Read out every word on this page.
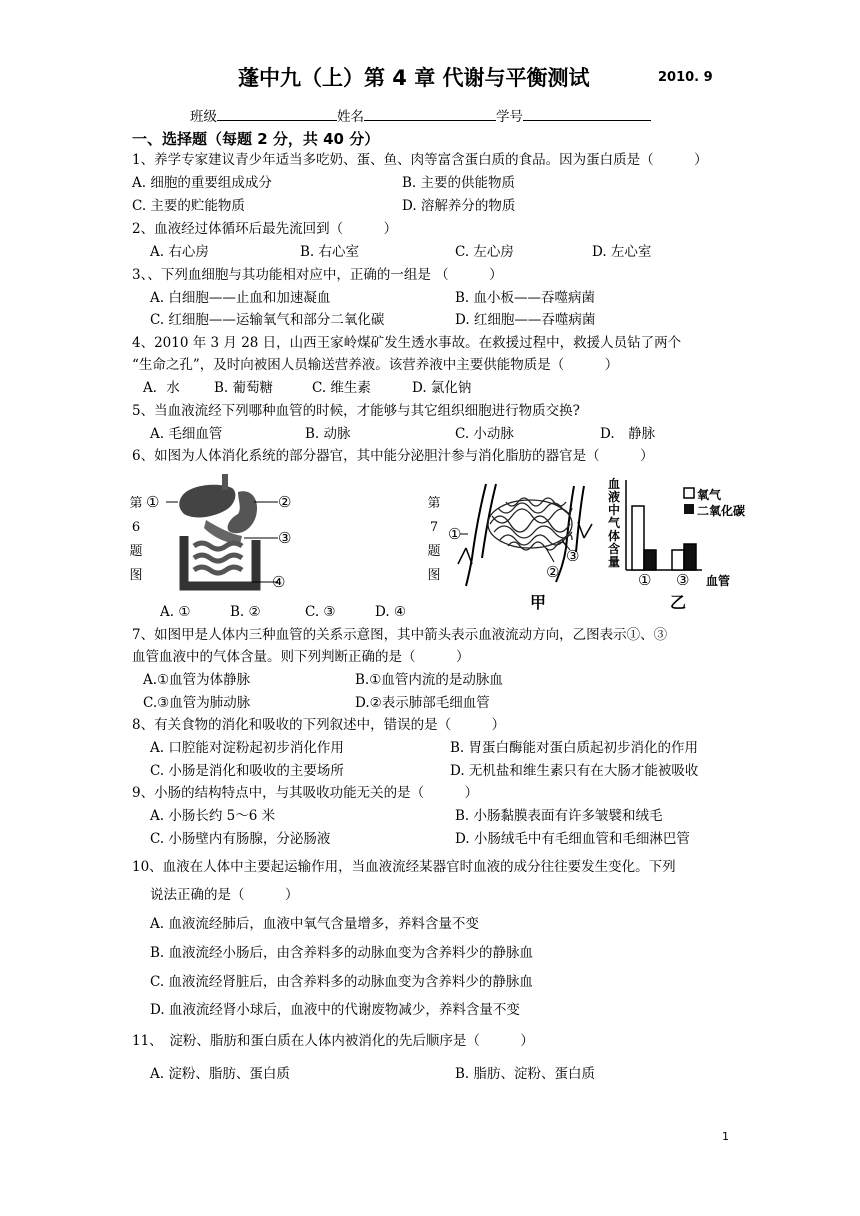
蓬中九（上）第 4 章 代谢与平衡测试	2010. 9
班级	姓名	学号
一、选择题（每题 2 分，共 40 分）
1、养学专家建议青少年适当多吃奶、蛋、鱼、肉等富含蛋白质的食品。因为蛋白质是（　　　）
A. 细胞的重要组成成分	B. 主要的供能物质
C. 主要的贮能物质	D. 溶解养分的物质
2、血液经过体循环后最先流回到（　　　）
A. 右心房	B. 右心室	C. 左心房	D. 左心室
3、、下列血细胞与其功能相对应中，正确的一组是 （　　　）
A. 白细胞——止血和加速凝血	B. 血小板——吞噬病菌
C. 红细胞——运输氧气和部分二氧化碳	D. 红细胞——吞噬病菌
4、2010 年 3 月 28 日，山西王家岭煤矿发生透水事故。在救援过程中，救援人员钻了两个
“生命之孔”，及时向被困人员输送营养液。该营养液中主要供能物质是（　　　）
A．水	B. 葡萄糖	C. 维生素	D. 氯化钠
5、当血液流经下列哪种血管的时候，才能够与其它组织细胞进行物质交换?
A. 毛细血管	B. 动脉	C. 小动脉	D.　静脉
6、如图为人体消化系统的部分器官，其中能分泌胆汁参与消化脂肪的器官是（　　　）
第6题图
①	②
③
④
A. ①	B. ②	C. ③	D. ④
第7题图
①
②
③
甲
血液中气体含量
氧气
二氧化碳
① ③ 血管
乙
7、如图甲是人体内三种血管的关系示意图，其中箭头表示血液流动方向，乙图表示①、③
血管血液中的气体含量。则下列判断正确的是（　　　）
A.①血管为体静脉	B.①血管内流的是动脉血
C.③血管为肺动脉	D.②表示肺部毛细血管
8、有关食物的消化和吸收的下列叙述中，错误的是（　　　）
A. 口腔能对淀粉起初步消化作用	B. 胃蛋白酶能对蛋白质起初步消化的作用
C. 小肠是消化和吸收的主要场所	D. 无机盐和维生素只有在大肠才能被吸收
9、小肠的结构特点中，与其吸收功能无关的是（　　　）
A. 小肠长约 5～6 米	B. 小肠黏膜表面有许多皱襞和绒毛
C. 小肠壁内有肠腺，分泌肠液	D. 小肠绒毛中有毛细血管和毛细淋巴管
10、血液在人体中主要起运输作用，当血液流经某器官时血液的成分往往要发生变化。下列
说法正确的是（　　　）
A. 血液流经肺后，血液中氧气含量增多，养料含量不变
B. 血液流经小肠后，由含养料多的动脉血变为含养料少的静脉血
C. 血液流经肾脏后，由含养料多的动脉血变为含养料少的静脉血
D. 血液流经肾小球后，血液中的代谢废物减少，养料含量不变
11、　淀粉、脂肪和蛋白质在人体内被消化的先后顺序是（　　　）
A. 淀粉、脂肪、蛋白质	B. 脂肪、淀粉、蛋白质
1
